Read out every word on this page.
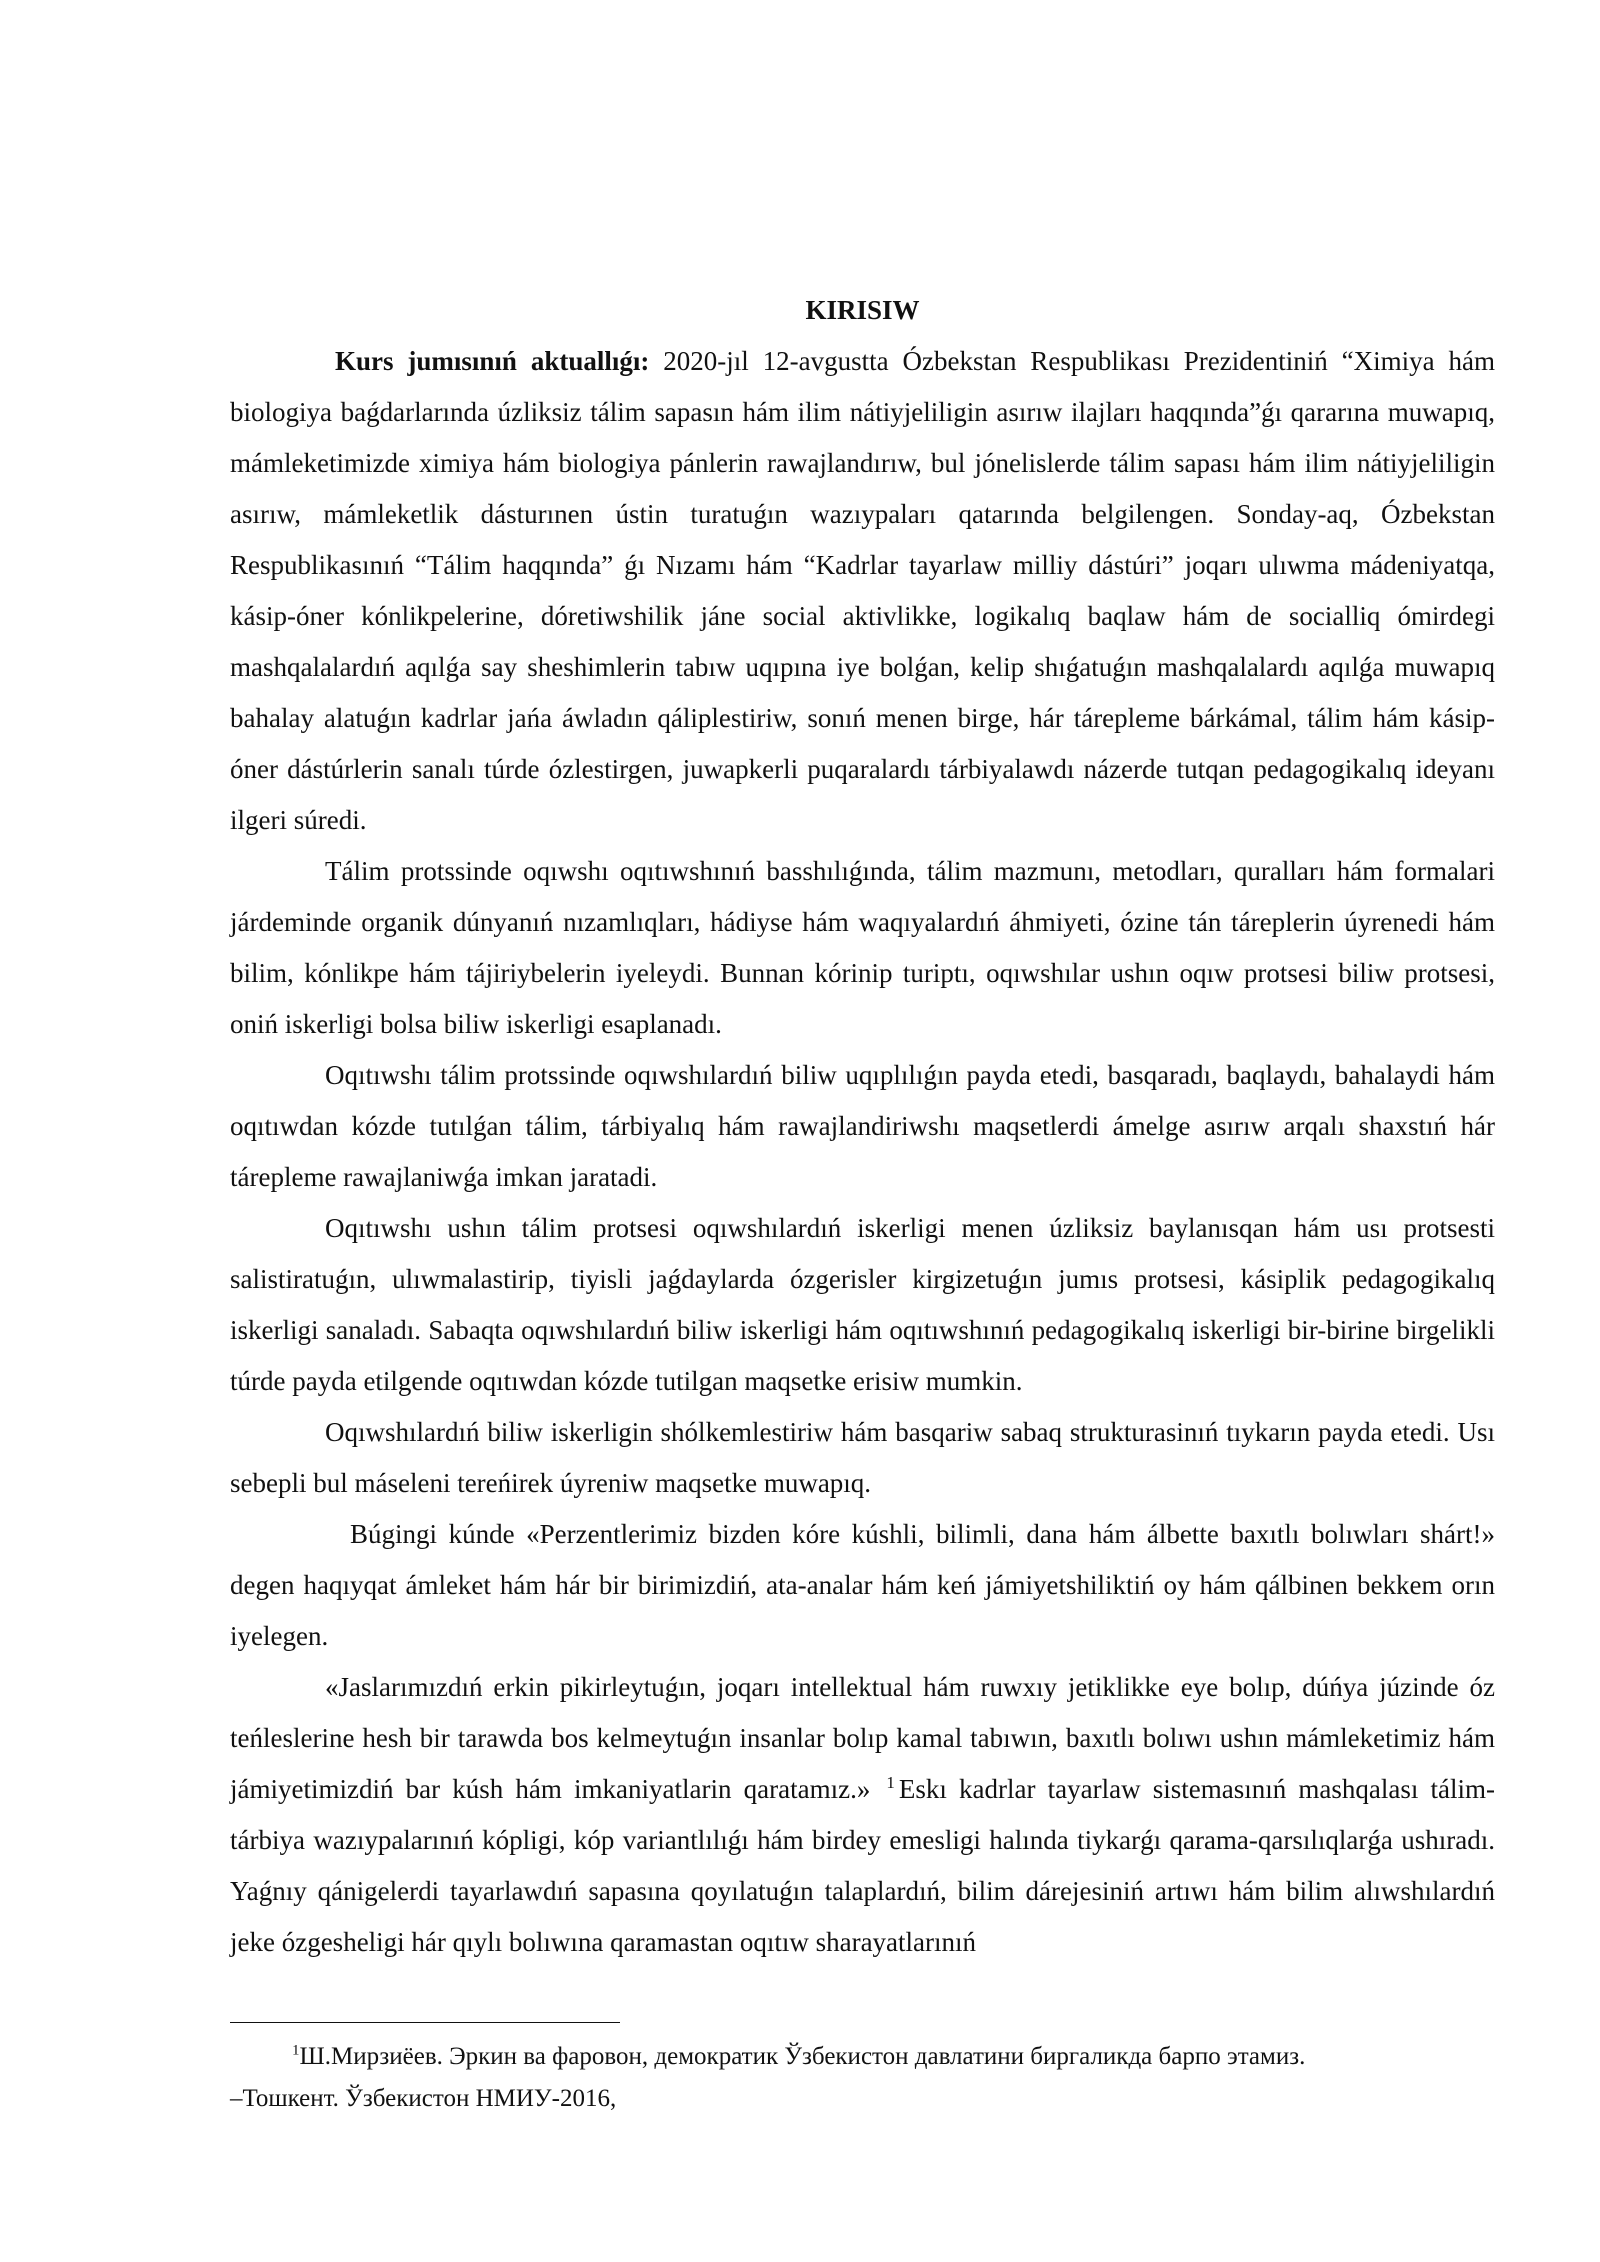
KIRISIW

Kurs jumısınıń aktuallıǵı: 2020-jıl 12-avgustta Ózbekstan Respublikası Prezidentiniń “Ximiya hám biologiya baǵdarlarında úzliksiz tálim sapasın hám ilim nátiyjeliligin asırıw ilajları haqqında”ǵı qararına muwapıq, mámleketimizde ximiya hám biologiya pánlerin rawajlandırıw, bul jónelislerde tálim sapası hám ilim nátiyjeliligin asırıw, mámleketlik dásturınen ústin turatuǵın wazıypaları qatarında belgilengen. Sonday-aq, Ózbekstan Respublikasınıń “Tálim haqqında” ǵı Nızamı hám “Kadrlar tayarlaw milliy dástúri” joqarı ulıwma mádeniyatqa, kásip-óner kónlikpelerine, dóretiwshilik jáne social aktivlikke, logikalıq baqlaw hám de socialliq ómirdegi mashqalalardıń aqılǵa say sheshimlerin tabıw uqıpına iye bolǵan, kelip shıǵatuǵın mashqalalardı aqılǵa muwapıq bahalay alatuǵın kadrlar jańa áwladın qáliplestiriw, sonıń menen birge, hár tárepleme bárkámal, tálim hám kásip-óner dástúrlerin sanalı túrde ózlestirgen, juwapkerli puqaralardı tárbiyalawdı názerde tutqan pedagogikalıq ideyanı ilgeri súredi.

Tálim protssinde oqıwshı oqıtıwshınıń basshılıǵında, tálim mazmunı, metodları, quralları hám formalari járdeminde organik dúnyanıń nızamlıqları, hádiyse hám waqıyalardıń áhmiyeti, ózine tán táreplerin úyrenedi hám bilim, kónlikpe hám tájiriybelerin iyeleydi. Bunnan kórinip turiptı, oqıwshılar ushın oqıw protsesi biliw protsesi, oniń iskerligi bolsa biliw iskerligi esaplanadı.

Oqıtıwshı tálim protssinde oqıwshılardıń biliw uqıplılıǵın payda etedi, basqaradı, baqlaydı, bahalaydi hám oqıtıwdan kózde tutılǵan tálim, tárbiyalıq hám rawajlandiriwshı maqsetlerdi ámelge asırıw arqalı shaxstıń hár tárepleme rawajlaniwǵa imkan jaratadi.

Oqıtıwshı ushın tálim protsesi oqıwshılardıń iskerligi menen úzliksiz baylanısqan hám usı protsesti salistiratuǵın, ulıwmalastirip, tiyisli jaǵdaylarda ózgerisler kirgizetuǵın jumıs protsesi, kásiplik pedagogikalıq iskerligi sanaladı. Sabaqta oqıwshılardıń biliw iskerligi hám oqıtıwshınıń pedagogikalıq iskerligi bir-birine birgelikli túrde payda etilgende oqıtıwdan kózde tutilgan maqsetke erisiw mumkin.

Oqıwshılardıń biliw iskerligin shólkemlestiriw hám basqariw sabaq strukturasinıń tıykarın payda etedi. Usı sebepli bul máseleni tereńirek úyreniw maqsetke muwapıq.

Búgingi kúnde «Perzentlerimiz bizden kóre kúshli, bilimli, dana hám álbette baxıtlı bolıwları shárt!» degen haqıyqat ámleket hám hár bir birimizdiń, ata-analar hám keń jámiyetshiliktiń oy hám qálbinen bekkem orın iyelegen.

«Jaslarımızdıń erkin pikirleytuǵın, joqarı intellektual hám ruwxıy jetiklikke eye bolıp, dúńya júzinde óz teńleslerine hesh bir tarawda bos kelmeytuǵın insanlar bolıp kamal tabıwın, baxıtlı bolıwı ushın mámleketimiz hám jámiyetimizdiń bar kúsh hám imkaniyatlarin qaratamız.» $^1$ Eskı kadrlar tayarlaw sistemasınıń mashqalası tálim-tárbiya wazıypalarınıń kópligi, kóp variantlılıǵı hám birdey emesligi halında tiykarǵı qarama-qarsılıqlarǵa ushıradı. Yaǵnıy qánigelerdi tayarlawdıń sapasına qoyılatuǵın talaplardıń, bilim dárejesiniń artıwı hám bilim alıwshılardıń jeke ózgesheligi hár qıylı bolıwına qaramastan oqıtıw sharayatlarınıń

$^1$Ш.Мирзиёев. Эркин ва фаровон, демократик Ўзбекистон давлатини биргаликда барпо этамиз.
–Тошкент. Ўзбекистон НМИУ-2016,
